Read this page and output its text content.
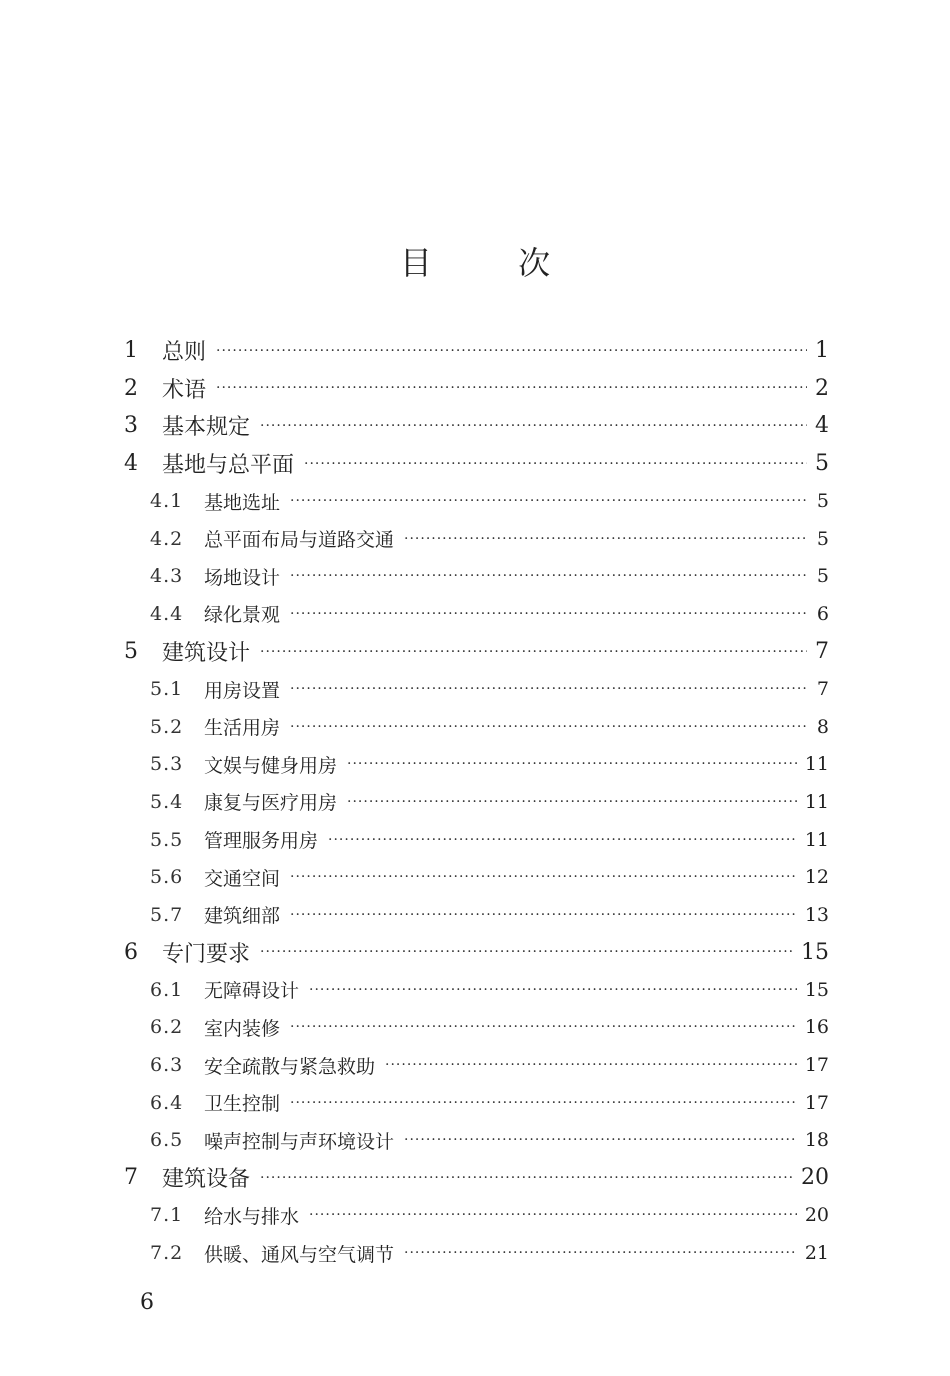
目	次
1	总则 ·····	1
2	术语 ·····	2
3	基本规定 ·····	4
4	基地与总平面 ·····	5
4.1	基地选址 ·····	5
4.2	总平面布局与道路交通 ·····	5
4.3	场地设计 ·····	5
4.4	绿化景观 ·····	6
5	建筑设计 ·····	7
5.1	用房设置 ·····	7
5.2	生活用房 ·····	8
5.3	文娱与健身用房 ·····	11
5.4	康复与医疗用房 ·····	11
5.5	管理服务用房 ·····	11
5.6	交通空间 ·····	12
5.7	建筑细部 ·····	13
6	专门要求 ·····	15
6.1	无障碍设计 ·····	15
6.2	室内装修 ·····	16
6.3	安全疏散与紧急救助 ·····	17
6.4	卫生控制 ·····	17
6.5	噪声控制与声环境设计 ·····	18
7	建筑设备 ·····	20
7.1	给水与排水 ·····	20
7.2	供暖、通风与空气调节 ·····	21
6
